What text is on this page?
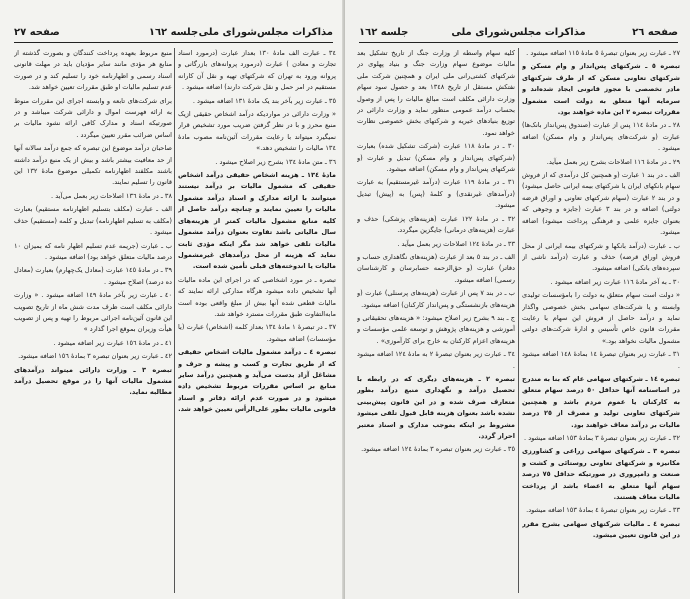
مذاکرات مجلس‌شورای ملی
جلسه ١٦٢
صفحه ٢٧

٣٤ ـ عبارت الف مادهٔ ١٣٠ بعداز عبارت (درمورد اسناد تجارت و معادن ) عبارت (درمورد پروانه‌های بازرگانی و پروانه ورود به تهران که شرکتهای تهیه و نقل آن کارانه مستقیم در امر حمل و نقل شرکت دارند) اضافه میشود .

٣٥ ـ عبارت زیر بآخر بند یک مادهٔ ١٣١ اضافه میشود .

« وزارت دارائی در مواردیکه درآمد اشخاص حقیقی ازیک منبع محرز و با در نظر گرفتن ضریب مورد تشخیص قرار نمیگیرد میتواند با رعایت مقررات آئین‌نامه مصوب مادهٔ ١٣٤ مالیات را تشخیص دهد.»

٣٦ ـ متن مادهٔ ١٣٤ بشرح زیر اصلاح میشود .

مادهٔ ١٣٤ ـ هزینه اشخاص حقیقی درآمد اشخاص حقیقی که مشمول مالیات بر درآمد نیستند میتوانند با ارائه مدارک و اسناد درآمد مشمول مالیات را تعیین نمایند و چنانچه درآمد حاصل از کلیه منابع مشمول مالیات کمتر از هزینه‌های سال مالیاتی باشد تفاوت بعنوان درآمد مشمول مالیات تلقی خواهد شد مگر اینکه مؤدی ثابت نماید که هزینه از محل درآمدهای غیرمشمول مالیات یا اندوخته‌های قبلی تأمین شده است.

تبصره ـ در مورد اشخاصی که در اجرای این ماده مالیات آنها تشخیص داده میشود هرگاه مدارکی ارائه نمایند که مالیات قطعی شده آنها بیش از مبلغ واقعی بوده است مابه‌التفاوت طبق مقررات مسترد خواهد شد.

٣٧ ـ در تبصرهٔ ١ مادهٔ ١٣٤ بعداز کلمه (اشخاص) عبارت (یا مؤسسات) اضافه میشود.

تبصره ٤ ـ درآمد مشمول مالیات اشخاص حقیقی که از طریق تجارت و کسب و پیشه و حرف و مشاغل آزاد بدست می‌آید و همچنین درآمد سایر منابع بر اساس مقررات مربوط تشخیص داده میشود و در صورت عدم ارائه دفاتر و اسناد قانونی مالیات بطور علی‌الرأس تعیین خواهد شد.

منبع مربوط بعهده پرداخت کنندگان و بصورت گذشته از منابع هر مؤدی مانند سایر مؤدیان باید در مهلت قانونی اسناد رسمی و اظهارنامه خود را تسلیم کند و در صورت عدم تسلیم مالیات او طبق مقررات تعیین خواهد شد.

برای شرکت‌های تابعه و وابسته اجرای این مقررات منوط به ارائه فهرست اموال و دارائی شرکت میباشد و در صورتیکه اسناد و مدارک کافی ارائه نشود مالیات بر اساس ضرائب مقرر تعیین میگردد .

صاحبان درآمد موضوع این تبصره که جمع درآمد سالانه آنها از حد معافیت بیشتر باشد و بیش از یک منبع درآمد داشته باشند مکلفند اظهارنامه تکمیلی موضوع مادهٔ ١٣٢ این قانون را تسلیم نمایند.

٣٨ ـ در مادهٔ ١٣٦ اصلاحات زیر بعمل می‌آید .

الف ـ عبارت (مکلف بتسلیم اظهارنامه مستقیم) بعبارت (مکلف به تسلیم اظهارنامه) تبدیل و کلمه (مستقیم) حذف میشود .

ب ـ عبارت (جریمه عدم تسلیم اظهار نامه که بمیزان ١٠ درصد مالیات متعلق خواهد بود) اضافه میشود .

٣٩ ـ در مادهٔ ١٤٥ عبارت (معادل یک‌چهارم) بعبارت (معادل ده درصد) اصلاح میشود .

٤٠ ـ عبارت زیر بآخر مادهٔ ١٤٩ اضافه میشود . « وزارت دارائی مکلف است ظرف مدت شش ماه از تاریخ تصویب این قانون آئین‌نامه اجرائی مربوط را تهیه و پس از تصویب هیأت وزیران بموقع اجرا گذارد »

٤١ ـ در مادهٔ ١٥٦ عبارت زیر اضافه میشود .

٤٢ ـ عبارت زیر بعنوان تبصره ٣ بمادهٔ ١٥٦ اضافه میشود.

تبصره ٣ ـ وزارت دارائی میتواند درآمدهای مشمول مالیات آنها را در موقع تحصیل درآمد مطالبه نماید.

صفحه ٢٦
مذاکرات مجلس‌شورای ملی
جلسه ١٦٢

٢٧ ـ عبارت زیر بعنوان تبصرهٔ ٥ مادهٔ ١١٥ اضافه میشود .

تبصره ٥ ـ شرکتهای پس‌انداز و وام مسکن و شرکتهای تعاونی مسکن که از طرف شرکتهای مادر تخصصی با مجوز قانونی ایجاد شده‌اند و سرمایه آنها متعلق به دولت است مشمول مقررات تبصره ٢ این ماده خواهند بود.

٢٨ ـ در مادهٔ ١١٤ پس از عبارت (صندوق پس‌انداز بانک‌ها) عبارت (و شرکت‌های پس‌انداز و وام مسکن) اضافه میشود .

٢٩ ـ در مادهٔ ١١٦ اصلاحات بشرح زیر بعمل میآید.

الف ـ در بند ١ عبارت (و همچنین کل درآمدی که از فروش سهام بانکهای ایران یا شرکتهای بیمه ایرانی حاصل میشود) و در بند ٢ عبارت (سهام شرکتهای تعاونی و اوراق قرضه دولتی) اضافه و در بند ٣ عبارت (جایزه و وجوهی که بعنوان جایزه علمی و فرهنگی پرداخت میشود) اضافه میشود.

ب ـ عبارت (درآمد بانکها و شرکتهای بیمه ایرانی از محل فروش اوراق قرضه) حذف و عبارت (درآمد ناشی از سپرده‌های بانکی) اضافه میشود.

٣٠ ـ به آخر مادهٔ ١١٦ عبارت زیر اضافه میشود .

« دولت است سهام متعلق به دولت را بامؤسسات تولیدی وابسته و یا شرکت‌های سهامی بخش خصوصی واگذار نماید و درآمد حاصل از فروش این سهام با رعایت مقررات قانون خاص تأسیس و ادارهٔ شرکت‌های دولتی مشمول مالیات نخواهد بود.»

٣١ ـ عبارت زیر بعنوان تبصرهٔ ١٤ بمادهٔ ١٤٨ اضافه میشود .

تبصره ١٤ ـ شرکتهای سهامی عام که بنا به مندرج در اساسنامه آنها حداقل ٥٠ درصد سهام متعلق به کارکنان یا عموم مردم باشد و همچنین شرکتهای تعاونی تولید و مصرف از ٢٥ درصد مالیات بر درآمد معاف خواهند بود.

٣٢ ـ عبارت زیر بعنوان تبصرهٔ ٣ بمادهٔ ١٥٣ اضافه میشود .

تبصره ٣ ـ شرکتهای سهامی زراعی و کشاورزی مکانیزه و شرکتهای تعاونی روستائی و کشت و صنعت و دامپروری در صورتیکه حداقل ٧٥ درصد سهام آنها متعلق به اعضاء باشد از پرداخت مالیات معاف هستند.

٣٣ ـ عبارت زیر بعنوان تبصرهٔ ٤ بمادهٔ ١٥٣ اضافه میشود.

تبصره ٤ ـ مالیات شرکتهای سهامی بشرح مقرر در این قانون تعیین میشود.

کلیه سهام واسطه از وزارت جنگ از تاریخ تشکیل بعد مالیات موضوع سهام وزارت جنگ و بنیاد پهلوی در شرکتهای کشتی‌رانی ملی ایران و همچنین شرکت ملی نفتکش مستقل از تاریخ ١٣٤٨ بعد و حصول سود سهام وزارت دارائی مکلف است مبالغ مالیات را پس از وصول بحساب درآمد عمومی منظور نماید و وزارت دارائی در توزیع بنیادهای خیریه و شرکتهای بخش خصوصی نظارت خواهد نمود.

٣٠ ـ در مادهٔ ١١٨ عبارت (شرکت تشکیل شده) بعبارت (شرکتهای پس‌انداز و وام مسکن) تبدیل و عبارت (و شرکتهای پس‌انداز و وام مسکن) اضافه میشود.

٣١ ـ در مادهٔ ١١٩ عبارت (درآمد غیرمستقیم) به عبارت (درآمدهای غیرنقدی) و کلمهٔ (پس) به (پیش) تبدیل میشود.

٣٢ ـ در مادهٔ ١٢٢ عبارت (هزینه‌های پزشکی) حذف و عبارت (هزینه‌های درمانی) جایگزین میگردد.

٣٣ ـ در مادهٔ ١٢٤ اصلاحات زیر بعمل میآید .

الف ـ در بند ٥ بعد از عبارت (هزینه‌های نگاهداری حساب و دفاتر) عبارت (و حق‌الزحمه حسابرسان و کارشناسان رسمی) اضافه میشود.

ب ـ در بند ٧ پس از عبارت (هزینه‌های پرسنلی) عبارت (و هزینه‌های بازنشستگی و پس‌انداز کارکنان) اضافه میشود.

ج ـ بند ٩ بشرح زیر اصلاح میشود: « هزینه‌های تحقیقاتی و آموزشی و هزینه‌های پژوهش و توسعه علمی مؤسسات و هزینه‌های اعزام کارکنان به خارج برای کارآموزی» .

٣٤ ـ عبارت زیر بعنوان تبصرهٔ ٢ به مادهٔ ١٢٤ اضافه میشود .

تبصره ٢ ـ هزینه‌های دیگری که در رابطه با تحصیل درآمد و نگهداری منبع درآمد بطور متعارف صرف شده و در این قانون پیش‌بینی نشده باشد بعنوان هزینه قابل قبول تلقی میشود مشروط بر اینکه بموجب مدارک و اسناد معتبر احراز گردد.

٣٥ ـ عبارت زیر بعنوان تبصره ٣ بمادهٔ ١٢٤ اضافه میشود.
